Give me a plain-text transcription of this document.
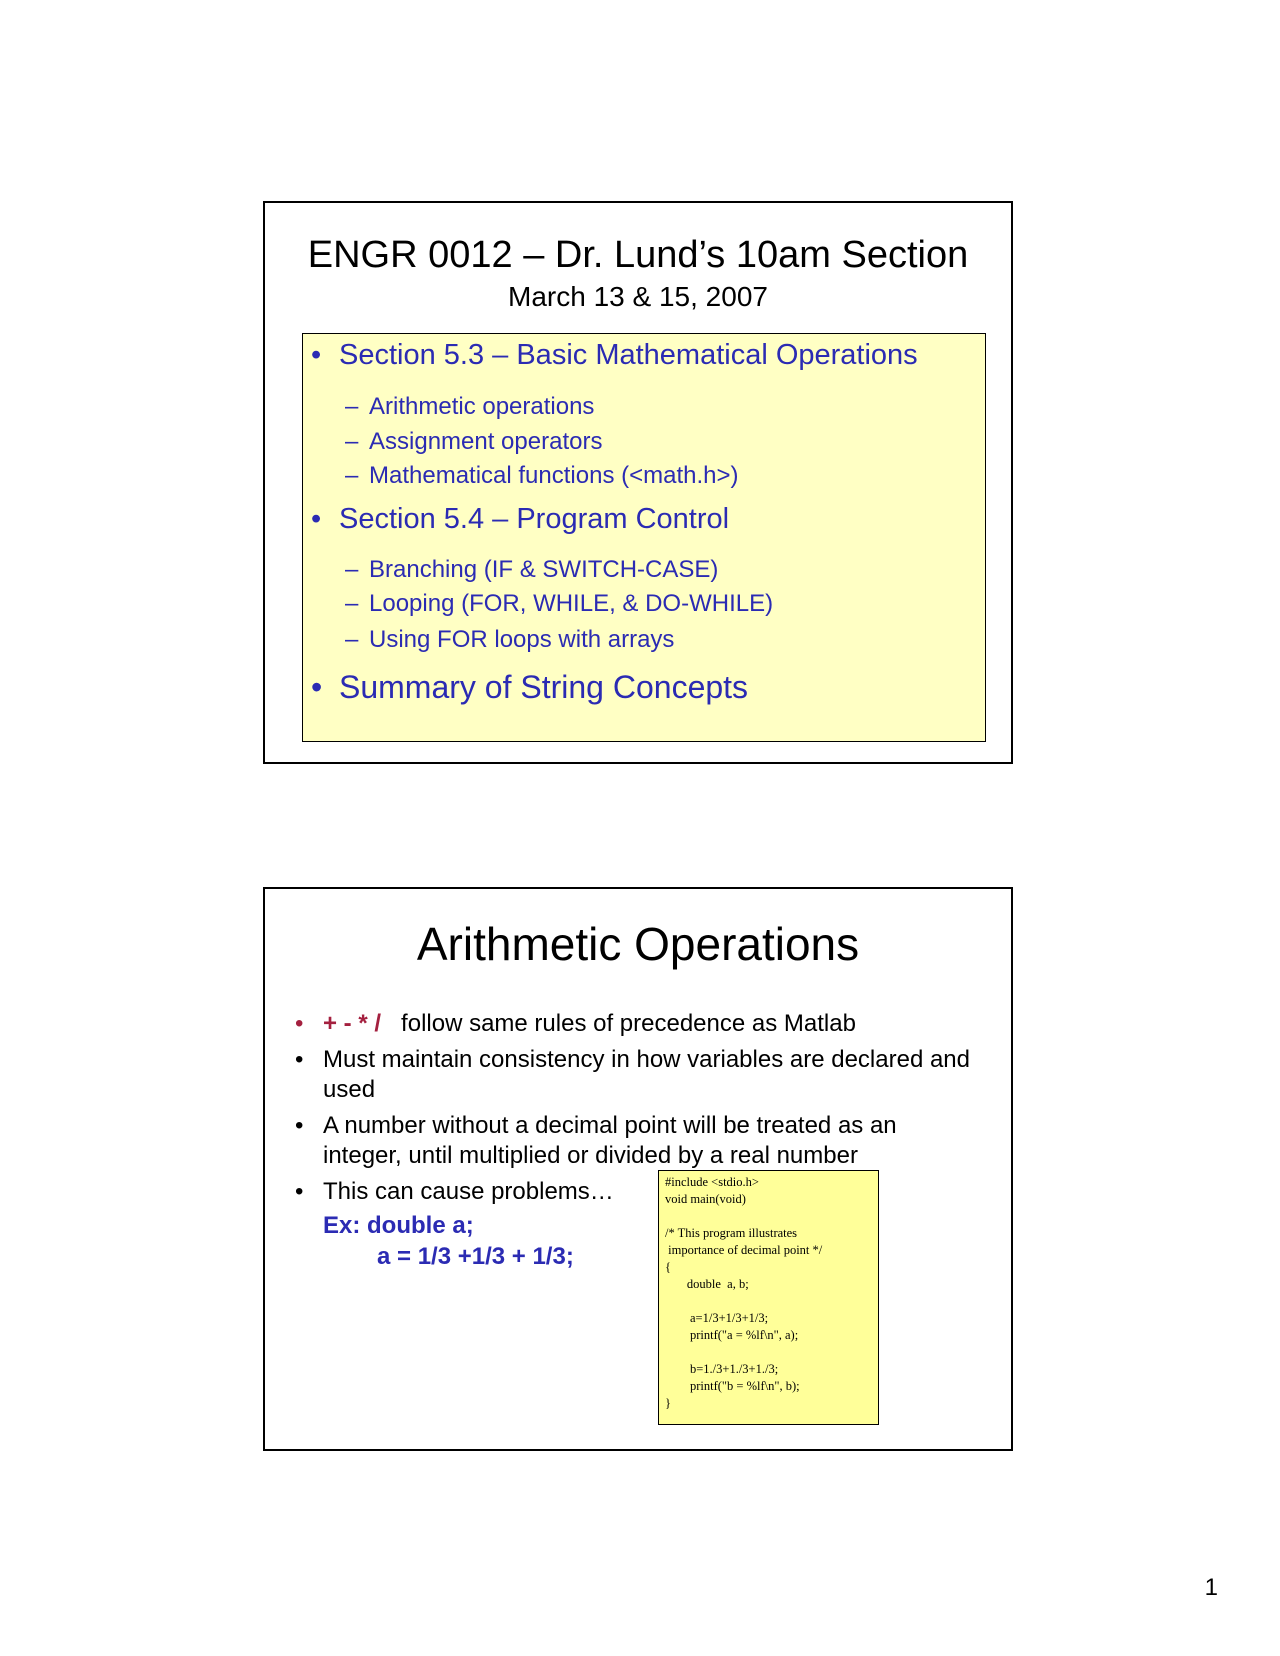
ENGR 0012 – Dr. Lund’s 10am Section
March 13 & 15, 2007
• Section 5.3 – Basic Mathematical Operations
– Arithmetic operations
– Assignment operators
– Mathematical functions (<math.h>)
• Section 5.4 – Program Control
– Branching (IF & SWITCH-CASE)
– Looping (FOR, WHILE, & DO-WHILE)
– Using FOR loops with arrays
• Summary of String Concepts
Arithmetic Operations
• + - * / follow same rules of precedence as Matlab
• Must maintain consistency in how variables are declared and used
• A number without a decimal point will be treated as an integer, until multiplied or divided by a real number
• This can cause problems…
Ex: double a;
a = 1/3 +1/3 + 1/3;
#include <stdio.h>
void main(void)
/* This program illustrates
importance of decimal point */
{
double  a, b;
a=1/3+1/3+1/3;
printf("a = %lf\n", a);
b=1./3+1./3+1./3;
printf("b = %lf\n", b);
}
1
